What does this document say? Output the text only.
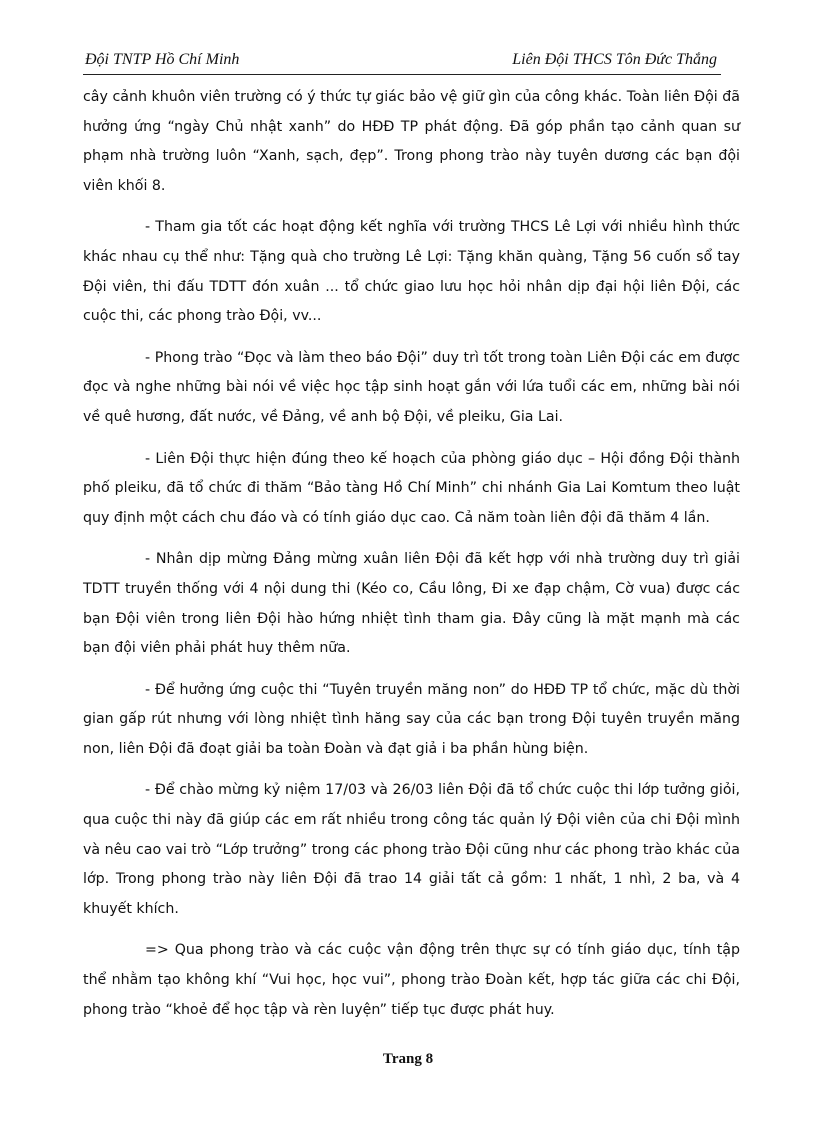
Đội TNTP Hồ Chí Minh	Liên Đội THCS Tôn Đức Thắng

cây cảnh khuôn viên trường có ý thức tự giác bảo vệ giữ gìn của công khác. Toàn liên Đội đã hưởng ứng “ngày Chủ nhật xanh” do HĐĐ TP phát động. Đã góp phần tạo cảnh quan sư phạm nhà trường luôn “Xanh, sạch, đẹp”. Trong phong trào này tuyên dương các bạn đội viên khối 8.

- Tham gia tốt các hoạt động kết nghĩa với trường THCS Lê Lợi với nhiều hình thức khác nhau cụ thể như: Tặng quà cho trường Lê Lợi: Tặng khăn quàng, Tặng 56 cuốn sổ tay Đội viên, thi đấu TDTT đón xuân ... tổ chức giao lưu học hỏi nhân dịp đại hội liên Đội, các cuộc thi, các phong trào Đội, vv...

- Phong trào “Đọc và làm theo báo Đội” duy trì tốt trong toàn Liên Đội các em được đọc và nghe những bài nói về việc học tập sinh hoạt gắn với lứa tuổi các em, những bài nói về quê hương, đất nước, về Đảng, về anh bộ Đội, về pleiku, Gia Lai.

- Liên Đội thực hiện đúng theo kế hoạch của phòng giáo dục – Hội đồng Đội thành phố pleiku, đã tổ chức đi thăm “Bảo tàng Hồ Chí Minh” chi nhánh Gia Lai Komtum theo luật quy định một cách chu đáo và có tính giáo dục cao. Cả năm toàn liên đội đã thăm 4 lần.

- Nhân dịp mừng Đảng mừng xuân liên Đội đã kết hợp với nhà trường duy trì giải TDTT truyền thống với 4 nội dung thi (Kéo co, Cầu lông, Đi xe đạp chậm, Cờ vua) được các bạn Đội viên trong liên Đội hào hứng nhiệt tình tham gia. Đây cũng là mặt mạnh mà các bạn đội viên phải phát huy thêm nữa.

- Để hưởng ứng cuộc thi “Tuyên truyền măng non” do HĐĐ TP tổ chức, mặc dù thời gian gấp rút nhưng với lòng nhiệt tình hăng say của các bạn trong Đội tuyên truyền măng non, liên Đội đã đoạt giải ba toàn Đoàn và đạt giả i ba phần hùng biện.

- Để chào mừng kỷ niệm 17/03 và 26/03 liên Đội đã tổ chức cuộc thi lớp tưởng giỏi, qua cuộc thi này đã giúp các em rất nhiều trong công tác quản lý Đội viên của chi Đội mình và nêu cao vai trò “Lớp trưởng” trong các phong trào Đội cũng như các phong trào khác của lớp. Trong phong trào này liên Đội đã trao 14 giải tất cả gồm: 1 nhất, 1 nhì, 2 ba, và 4 khuyết khích.

=> Qua phong trào và các cuộc vận động trên thực sự có tính giáo dục, tính tập thể nhằm tạo không khí “Vui học, học vui”, phong trào Đoàn kết, hợp tác giữa các chi Đội, phong trào “khoẻ để học tập và rèn luyện” tiếp tục được phát huy.

Trang 8
